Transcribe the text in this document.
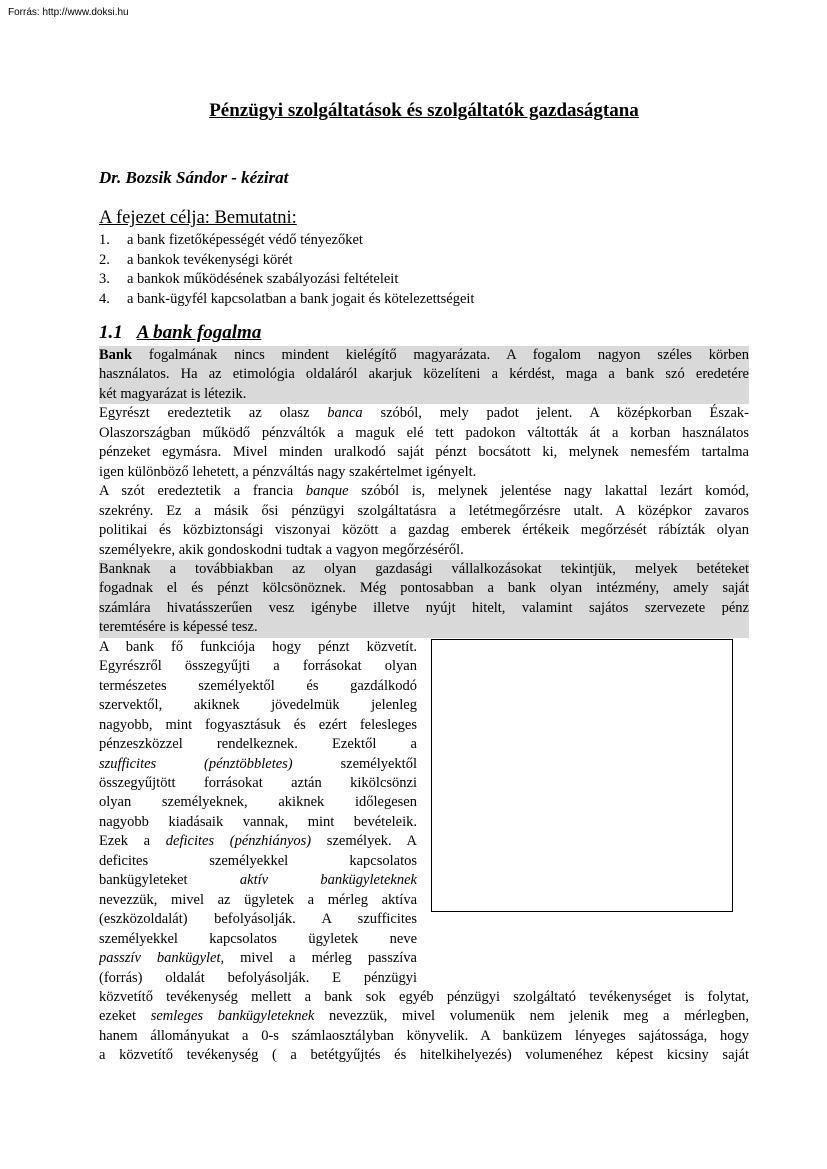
Forrás: http://www.doksi.hu
Pénzügyi szolgáltatások és szolgáltatók gazdaságtana
Dr. Bozsik Sándor - kézirat
A fejezet célja: Bemutatni:
1.	a bank fizetőképességét védő tényezőket
2.	a bankok tevékenységi körét
3.	a bankok működésének szabályozási feltételeit
4.	a bank-ügyfél kapcsolatban a bank jogait és kötelezettségeit
1.1 A bank fogalma
Bank fogalmának nincs mindent kielégítő magyarázata. A fogalom nagyon széles körben
használatos. Ha az etimológia oldaláról akarjuk közelíteni a kérdést, maga a bank szó eredetére
két magyarázat is létezik.
Egyrészt eredeztetik az olasz banca szóból, mely padot jelent. A középkorban Észak-
Olaszországban működő pénzváltók a maguk elé tett padokon váltották át a korban használatos
pénzeket egymásra. Mivel minden uralkodó saját pénzt bocsátott ki, melynek nemesfém tartalma
igen különböző lehetett, a pénzváltás nagy szakértelmet igényelt.
A szót eredeztetik a francia banque szóból is, melynek jelentése nagy lakattal lezárt komód,
szekrény. Ez a másik ősi pénzügyi szolgáltatásra a letétmegőrzésre utalt. A középkor zavaros
politikai és közbiztonsági viszonyai között a gazdag emberek értékeik megőrzését rábízták olyan
személyekre, akik gondoskodni tudtak a vagyon megőrzéséről.
Banknak a továbbiakban az olyan gazdasági vállalkozásokat tekintjük, melyek betéteket
fogadnak el és pénzt kölcsönöznek. Még pontosabban a bank olyan intézmény, amely saját
számlára hivatásszerűen vesz igénybe illetve nyújt hitelt, valamint sajátos szervezete pénz
teremtésére is képessé tesz.
A bank fő funkciója hogy pénzt közvetít.
Egyrészről összegyűjti a forrásokat olyan
természetes személyektől és gazdálkodó
szervektől, akiknek jövedelmük jelenleg
nagyobb, mint fogyasztásuk és ezért felesleges
pénzeszközzel rendelkeznek. Ezektől a
szufficites (pénztöbbletes) személyektől
összegyűjtött forrásokat aztán kikölcsönzi
olyan személyeknek, akiknek időlegesen
nagyobb kiadásaik vannak, mint bevételeik.
Ezek a deficites (pénzhiányos) személyek. A
deficites személyekkel kapcsolatos
bankügyleteket aktív bankügyleteknek
nevezzük, mivel az ügyletek a mérleg aktíva
(eszközoldalát) befolyásolják. A szufficites
személyekkel kapcsolatos ügyletek neve
passzív bankügylet, mivel a mérleg passzíva
(forrás) oldalát befolyásolják. E pénzügyi
közvetítő tevékenység mellett a bank sok egyéb pénzügyi szolgáltató tevékenységet is folytat,
ezeket semleges bankügyleteknek nevezzük, mivel volumenük nem jelenik meg a mérlegben,
hanem állományukat a 0-s számlaosztályban könyvelik. A banküzem lényeges sajátossága, hogy
a közvetítő tevékenység ( a betétgyűjtés és hitelkihelyezés) volumenéhez képest kicsiny saját
